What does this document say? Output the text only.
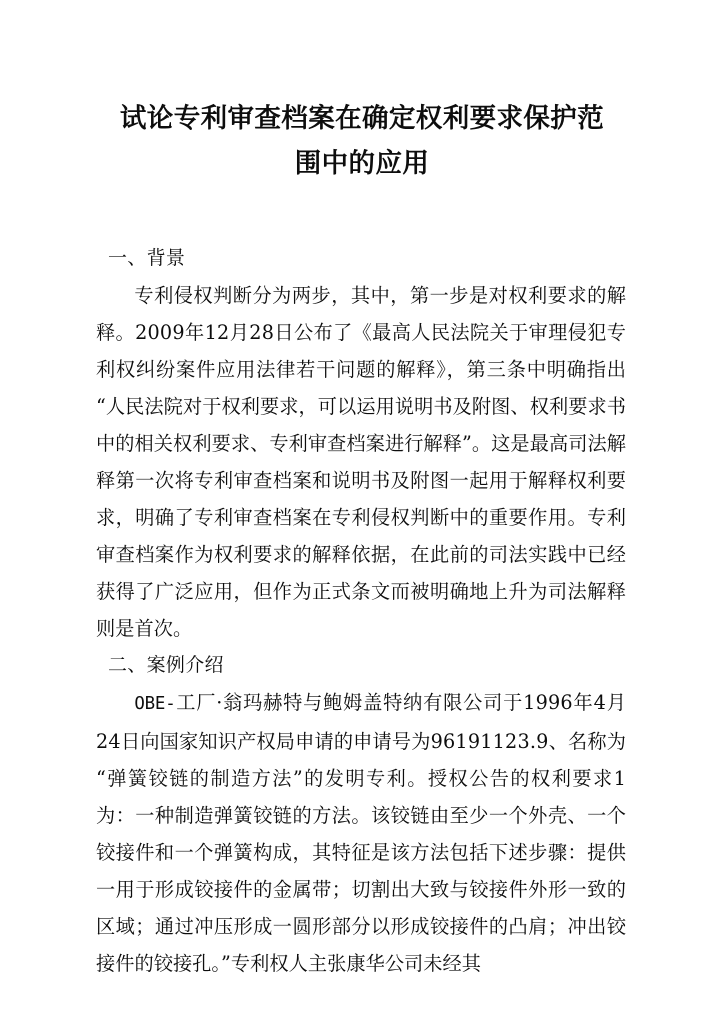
试论专利审查档案在确定权利要求保护范
围中的应用
一、背景

专利侵权判断分为两步，其中，第一步是对权利要求的解释。2009年12月28日公布了《最高人民法院关于审理侵犯专利权纠纷案件应用法律若干问题的解释》，第三条中明确指出“人民法院对于权利要求，可以运用说明书及附图、权利要求书中的相关权利要求、专利审查档案进行解释”。这是最高司法解释第一次将专利审查档案和说明书及附图一起用于解释权利要求，明确了专利审查档案在专利侵权判断中的重要作用。专利审查档案作为权利要求的解释依据，在此前的司法实践中已经获得了广泛应用，但作为正式条文而被明确地上升为司法解释则是首次。

二、案例介绍

OBE-工厂·翁玛赫特与鲍姆盖特纳有限公司于1996年4月24日向国家知识产权局申请的申请号为96191123.9、名称为“弹簧铰链的制造方法”的发明专利。授权公告的权利要求1为：一种制造弹簧铰链的方法。该铰链由至少一个外壳、一个铰接件和一个弹簧构成，其特征是该方法包括下述步骤：提供一用于形成铰接件的金属带；切割出大致与铰接件外形一致的区域；通过冲压形成一圆形部分以形成铰接件的凸肩；冲出铰接件的铰接孔。”专利权人主张康华公司未经其
